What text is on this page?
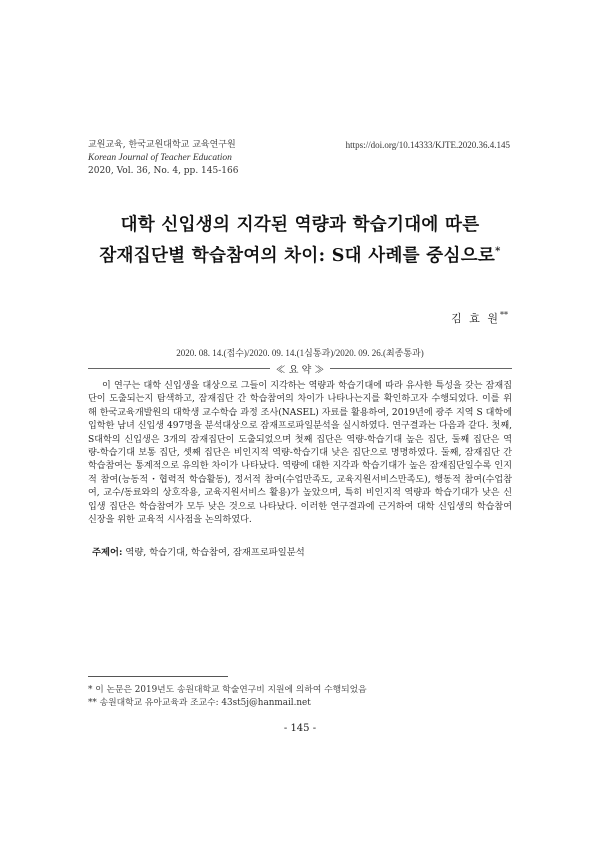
교원교육, 한국교원대학교 교육연구원
Korean Journal of Teacher Education
2020, Vol. 36, No. 4, pp. 145-166
https://doi.org/10.14333/KJTE.2020.36.4.145
대학 신입생의 지각된 역량과 학습기대에 따른
잠재집단별 학습참여의 차이: S대 사례를 중심으로*
김 효 원**
2020. 08. 14.(접수)/2020. 09. 14.(1심통과)/2020. 09. 26.(최종통과)
≪ 요 약 ≫

이 연구는 대학 신입생을 대상으로 그들이 지각하는 역량과 학습기대에 따라 유사한 특성을 갖는 잠재집단이 도출되는지 탐색하고, 잠재집단 간 학습참여의 차이가 나타나는지를 확인하고자 수행되었다. 이를 위해 한국교육개발원의 대학생 교수학습 과정 조사(NASEL) 자료를 활용하여, 2019년에 광주 지역 S 대학에 입학한 남녀 신입생 497명을 분석대상으로 잠재프로파일분석을 실시하였다. 연구결과는 다음과 같다. 첫째, S대학의 신입생은 3개의 잠재집단이 도출되었으며 첫째 집단은 역량-학습기대 높은 집단, 둘째 집단은 역량-학습기대 보통 집단, 셋째 집단은 비인지적 역량-학습기대 낮은 집단으로 명명하였다. 둘째, 잠재집단 간 학습참여는 통계적으로 유의한 차이가 나타났다. 역량에 대한 지각과 학습기대가 높은 잠재집단일수록 인지적 참여(능동적・협력적 학습활동), 정서적 참여(수업만족도, 교육지원서비스만족도), 행동적 참여(수업참여, 교수/동료와의 상호작용, 교육지원서비스 활용)가 높았으며, 특히 비인지적 역량과 학습기대가 낮은 신입생 집단은 학습참여가 모두 낮은 것으로 나타났다. 이러한 연구결과에 근거하여 대학 신입생의 학습참여 신장을 위한 교육적 시사점을 논의하였다.

주제어: 역량, 학습기대, 학습참여, 잠재프로파일분석
* 이 논문은 2019년도 송원대학교 학술연구비 지원에 의하여 수행되었음
** 송원대학교 유아교육과 조교수: 43st5j@hanmail.net
- 145 -
